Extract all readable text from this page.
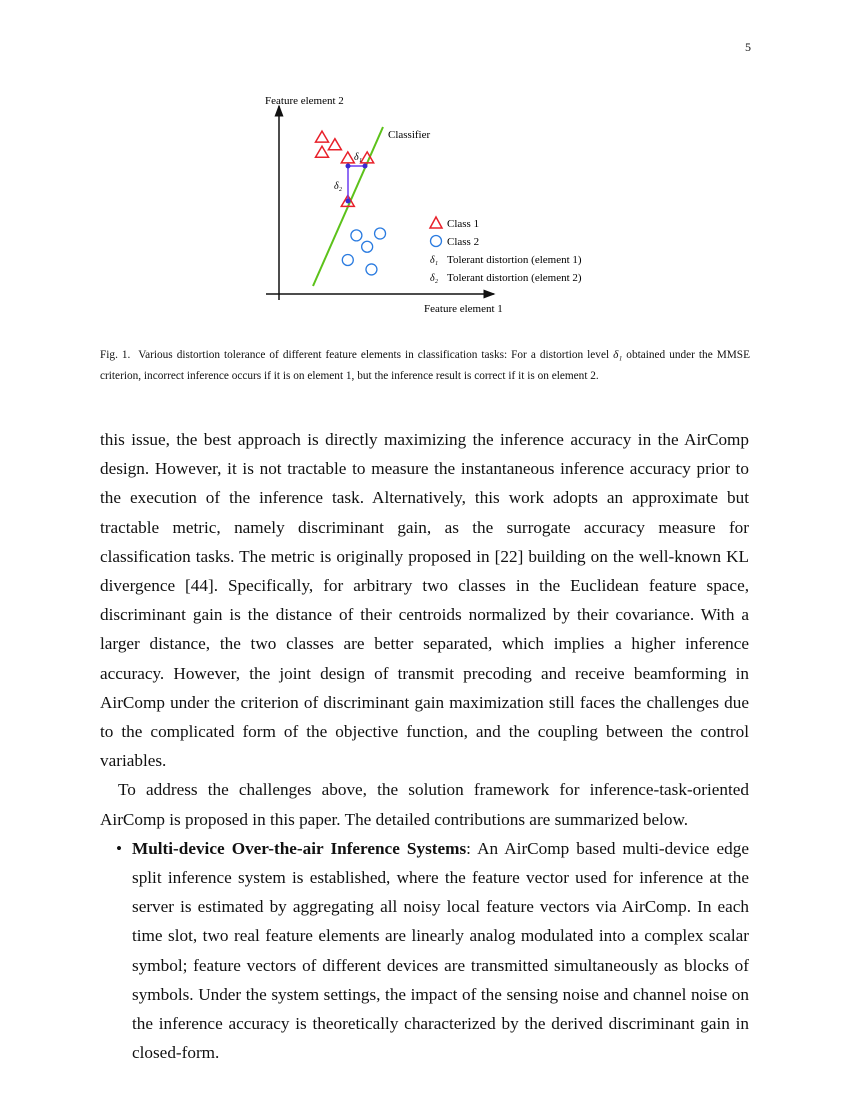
5
Feature element 2
Feature element 1
Classifier
δ₁
δ₂
Class 1
Class 2
δ₁ Tolerant distortion (element 1)
δ₂ Tolerant distortion (element 2)
Fig. 1. Various distortion tolerance of different feature elements in classification tasks: For a distortion level δ₁ obtained under the MMSE criterion, incorrect inference occurs if it is on element 1, but the inference result is correct if it is on element 2.

this issue, the best approach is directly maximizing the inference accuracy in the AirComp design. However, it is not tractable to measure the instantaneous inference accuracy prior to the execution of the inference task. Alternatively, this work adopts an approximate but tractable metric, namely discriminant gain, as the surrogate accuracy measure for classification tasks. The metric is originally proposed in [22] building on the well-known KL divergence [44]. Specifically, for arbitrary two classes in the Euclidean feature space, discriminant gain is the distance of their centroids normalized by their covariance. With a larger distance, the two classes are better separated, which implies a higher inference accuracy. However, the joint design of transmit precoding and receive beamforming in AirComp under the criterion of discriminant gain maximization still faces the challenges due to the complicated form of the objective function, and the coupling between the control variables.

To address the challenges above, the solution framework for inference-task-oriented AirComp is proposed in this paper. The detailed contributions are summarized below.

• Multi-device Over-the-air Inference Systems: An AirComp based multi-device edge split inference system is established, where the feature vector used for inference at the server is estimated by aggregating all noisy local feature vectors via AirComp. In each time slot, two real feature elements are linearly analog modulated into a complex scalar symbol; feature vectors of different devices are transmitted simultaneously as blocks of symbols. Under the system settings, the impact of the sensing noise and channel noise on the inference accuracy is theoretically characterized by the derived discriminant gain in closed-form.
